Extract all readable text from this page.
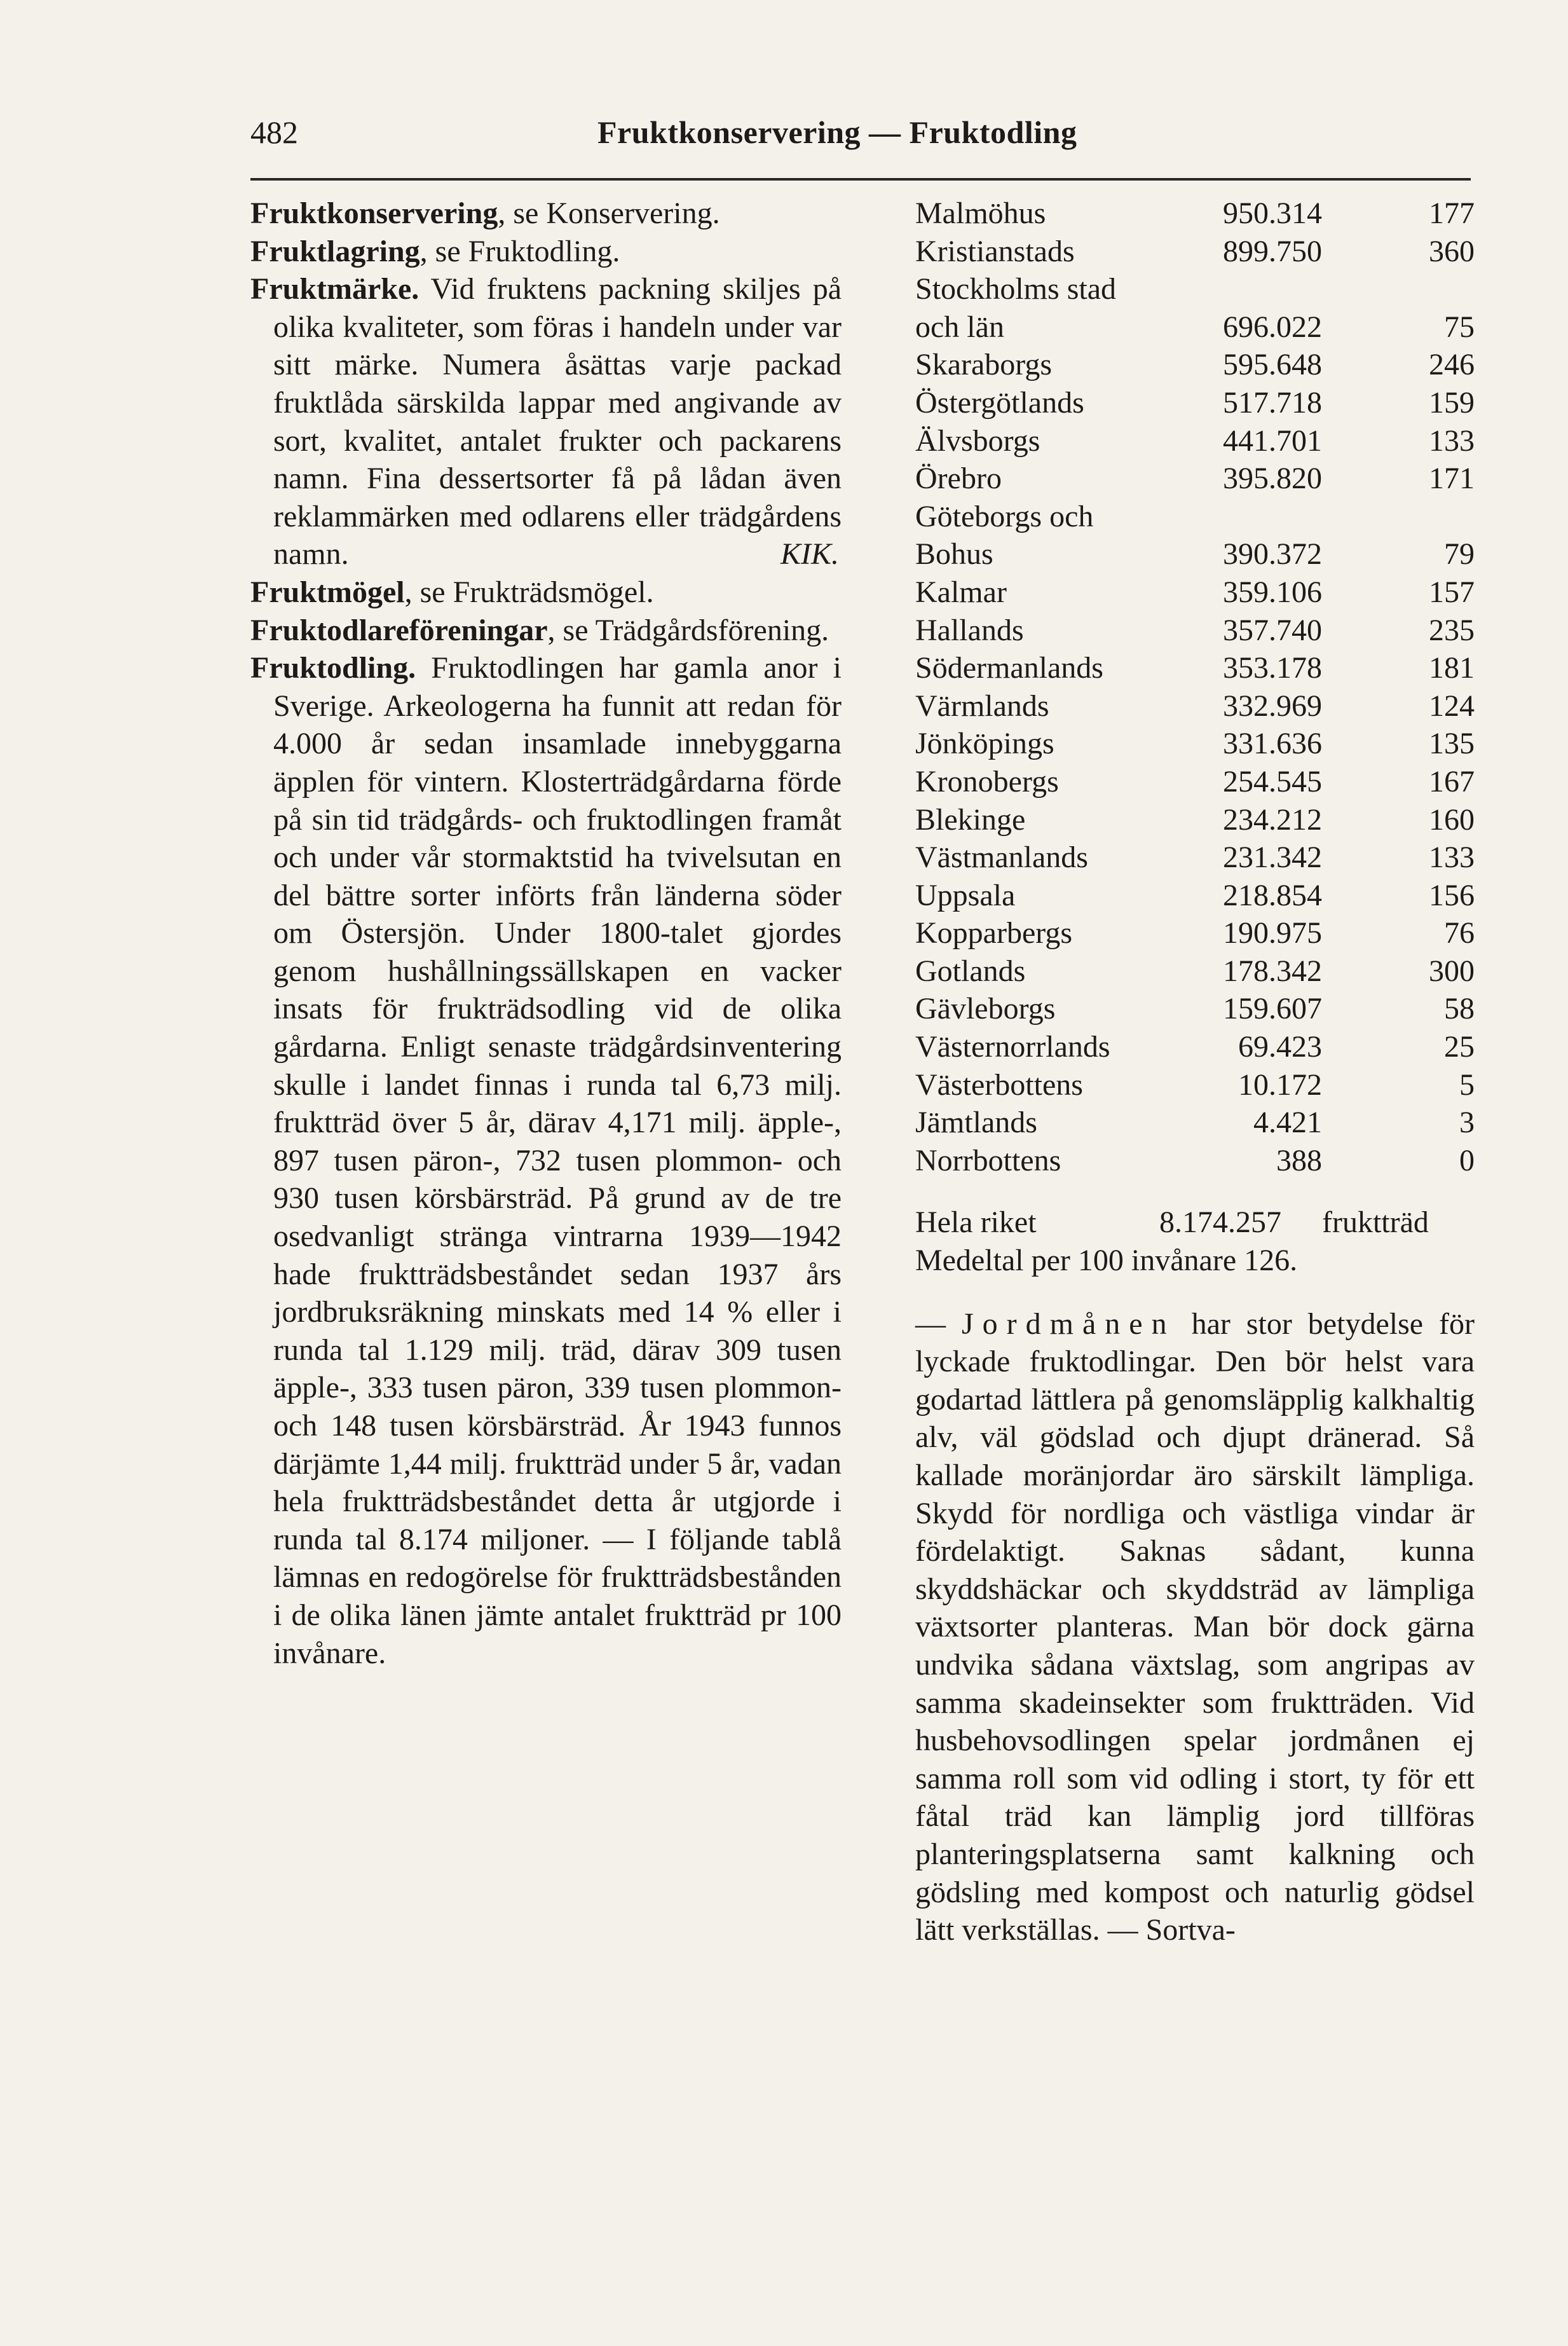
482	Fruktkonservering — Fruktodling

Fruktkonservering, se Konservering.

Fruktlagring, se Fruktodling.

Fruktmärke. Vid fruktens packning skiljes på olika kvaliteter, som föras i handeln under var sitt märke. Numera åsättas varje packad fruktlåda särskilda lappar med angivande av sort, kvalitet, antalet frukter och packarens namn. Fina dessertsorter få på lådan även reklammärken med odlarens eller trädgårdens namn.	KIK.

Fruktmögel, se Frukträdsmögel.

Fruktodlareföreningar, se Trädgårdsförening.

Fruktodling. Fruktodlingen har gamla anor i Sverige. Arkeologerna ha funnit att redan för 4.000 år sedan insamlade innebyggarna äpplen för vintern. Klosterträdgårdarna förde på sin tid trädgårds- och fruktodlingen framåt och under vår stormaktstid ha tvivelsutan en del bättre sorter införts från länderna söder om Östersjön. Under 1800-talet gjordes genom hushållningssällskapen en vacker insats för frukträdsodling vid de olika gårdarna. Enligt senaste trädgårdsinventering skulle i landet finnas i runda tal 6,73 milj. fruktträd över 5 år, därav 4,171 milj. äpple-, 897 tusen päron-, 732 tusen plommon- och 930 tusen körsbärsträd. På grund av de tre osedvanligt stränga vintrarna 1939—1942 hade fruktträdsbeståndet sedan 1937 års jordbruksräkning minskats med 14 % eller i runda tal 1.129 milj. träd, därav 309 tusen äpple-, 333 tusen päron, 339 tusen plommon- och 148 tusen körsbärsträd. År 1943 funnos därjämte 1,44 milj. fruktträd under 5 år, vadan hela fruktträdsbeståndet detta år utgjorde i runda tal 8.174 miljoner. — I följande tablå lämnas en redogörelse för fruktträdsbestånden i de olika länen jämte antalet fruktträd pr 100 invånare.

Malmöhus	950.314	177
Kristianstads	899.750	360
Stockholms stad		
och län	696.022	75
Skaraborgs	595.648	246
Östergötlands	517.718	159
Älvsborgs	441.701	133
Örebro	395.820	171
Göteborgs och		
Bohus	390.372	79
Kalmar	359.106	157
Hallands	357.740	235
Södermanlands	353.178	181
Värmlands	332.969	124
Jönköpings	331.636	135
Kronobergs	254.545	167
Blekinge	234.212	160
Västmanlands	231.342	133
Uppsala	218.854	156
Kopparbergs	190.975	76
Gotlands	178.342	300
Gävleborgs	159.607	58
Västernorrlands	69.423	25
Västerbottens	10.172	5
Jämtlands	4.421	3
Norrbottens	388	0
Hela riket	8.174.257 fruktträd
Medeltal per 100 invånare 126.

— Jordmånen har stor betydelse för lyckade fruktodlingar. Den bör helst vara godartad lättlera på genomsläpplig kalkhaltig alv, väl gödslad och djupt dränerad. Så kallade moränjordar äro särskilt lämpliga. Skydd för nordliga och västliga vindar är fördelaktigt. Saknas sådant, kunna skyddshäckar och skyddsträd av lämpliga växtsorter planteras. Man bör dock gärna undvika sådana växtslag, som angripas av samma skadeinsekter som fruktträden. Vid husbehovsodlingen spelar jordmånen ej samma roll som vid odling i stort, ty för ett fåtal träd kan lämplig jord tillföras planteringsplatserna samt kalkning och gödsling med kompost och naturlig gödsel lätt verkställas. — Sortva-
